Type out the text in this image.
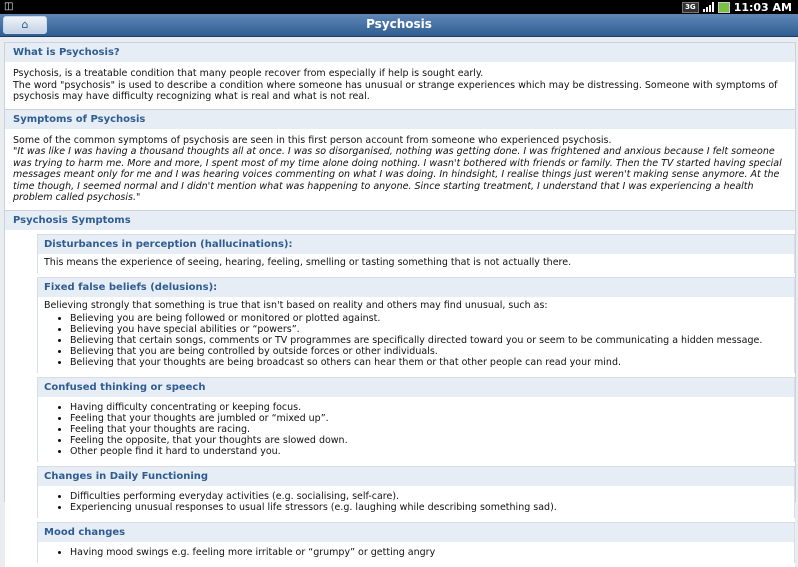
◫	3G	11:03 AM
⌂	Psychosis
What is Psychosis?
Psychosis, is a treatable condition that many people recover from especially if help is sought early.
The word "psychosis" is used to describe a condition where someone has unusual or strange experiences which may be distressing. Someone with symptoms of psychosis may have difficulty recognizing what is real and what is not real.
Symptoms of Psychosis
Some of the common symptoms of psychosis are seen in this first person account from someone who experienced psychosis.
"It was like I was having a thousand thoughts all at once. I was so disorganised, nothing was getting done. I was frightened and anxious because I felt someone was trying to harm me. More and more, I spent most of my time alone doing nothing. I wasn't bothered with friends or family. Then the TV started having special messages meant only for me and I was hearing voices commenting on what I was doing. In hindsight, I realise things just weren't making sense anymore. At the time though, I seemed normal and I didn't mention what was happening to anyone. Since starting treatment, I understand that I was experiencing a health problem called psychosis."
Psychosis Symptoms
Disturbances in perception (hallucinations):
This means the experience of seeing, hearing, feeling, smelling or tasting something that is not actually there.
Fixed false beliefs (delusions):
Believing strongly that something is true that isn't based on reality and others may find unusual, such as:
• Believing you are being followed or monitored or plotted against.
• Believing you have special abilities or “powers”.
• Believing that certain songs, comments or TV programmes are specifically directed toward you or seem to be communicating a hidden message.
• Believing that you are being controlled by outside forces or other individuals.
• Believing that your thoughts are being broadcast so others can hear them or that other people can read your mind.
Confused thinking or speech
• Having difficulty concentrating or keeping focus.
• Feeling that your thoughts are jumbled or “mixed up”.
• Feeling that your thoughts are racing.
• Feeling the opposite, that your thoughts are slowed down.
• Other people find it hard to understand you.
Changes in Daily Functioning
• Difficulties performing everyday activities (e.g. socialising, self-care).
• Experiencing unusual responses to usual life stressors (e.g. laughing while describing something sad).
Mood changes
• Having mood swings e.g. feeling more irritable or “grumpy” or getting angry
